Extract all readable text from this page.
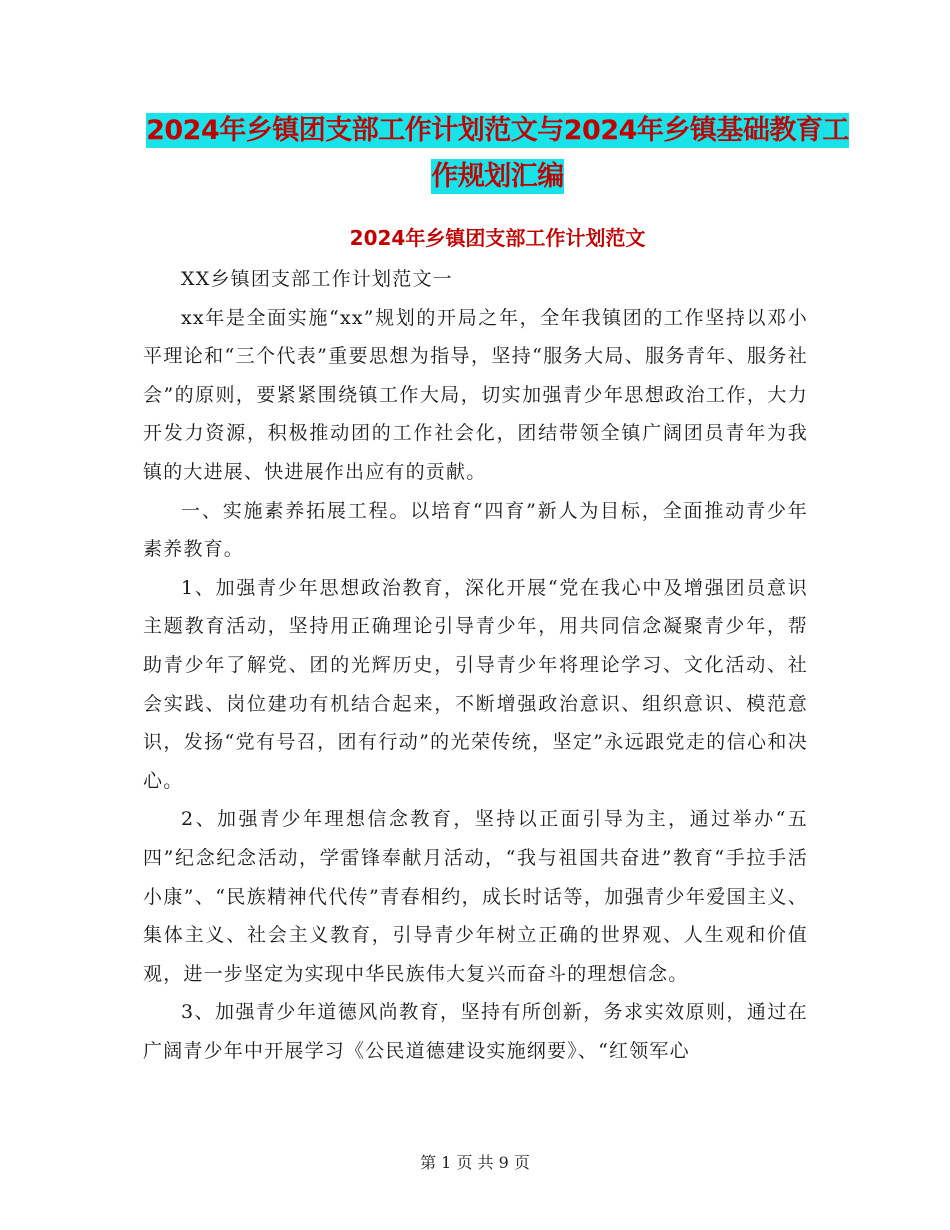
2024年乡镇团支部工作计划范文与2024年乡镇基础教育工作规划汇编
2024年乡镇团支部工作计划范文

XX乡镇团支部工作计划范文一

xx年是全面实施“xx”规划的开局之年，全年我镇团的工作坚持以邓小平理论和“三个代表”重要思想为指导，坚持“服务大局、服务青年、服务社会”的原则，要紧紧围绕镇工作大局，切实加强青少年思想政治工作，大力开发力资源，积极推动团的工作社会化，团结带领全镇广阔团员青年为我镇的大进展、快进展作出应有的贡献。

一、实施素养拓展工程。以培育“四育”新人为目标，全面推动青少年素养教育。

1、加强青少年思想政治教育，深化开展“党在我心中及增强团员意识主题教育活动，坚持用正确理论引导青少年，用共同信念凝聚青少年，帮助青少年了解党、团的光辉历史，引导青少年将理论学习、文化活动、社会实践、岗位建功有机结合起来，不断增强政治意识、组织意识、模范意识，发扬“党有号召，团有行动”的光荣传统，坚定”永远跟党走的信心和决心。

2、加强青少年理想信念教育，坚持以正面引导为主，通过举办“五四”纪念纪念活动，学雷锋奉献月活动，“我与祖国共奋进”教育“手拉手活小康”、“民族精神代代传”青春相约，成长时话等，加强青少年爱国主义、集体主义、社会主义教育，引导青少年树立正确的世界观、人生观和价值观，进一步坚定为实现中华民族伟大复兴而奋斗的理想信念。

3、加强青少年道德风尚教育，坚持有所创新，务求实效原则，通过在广阔青少年中开展学习《公民道德建设实施纲要》、“红领军心

第 1 页 共 9 页
